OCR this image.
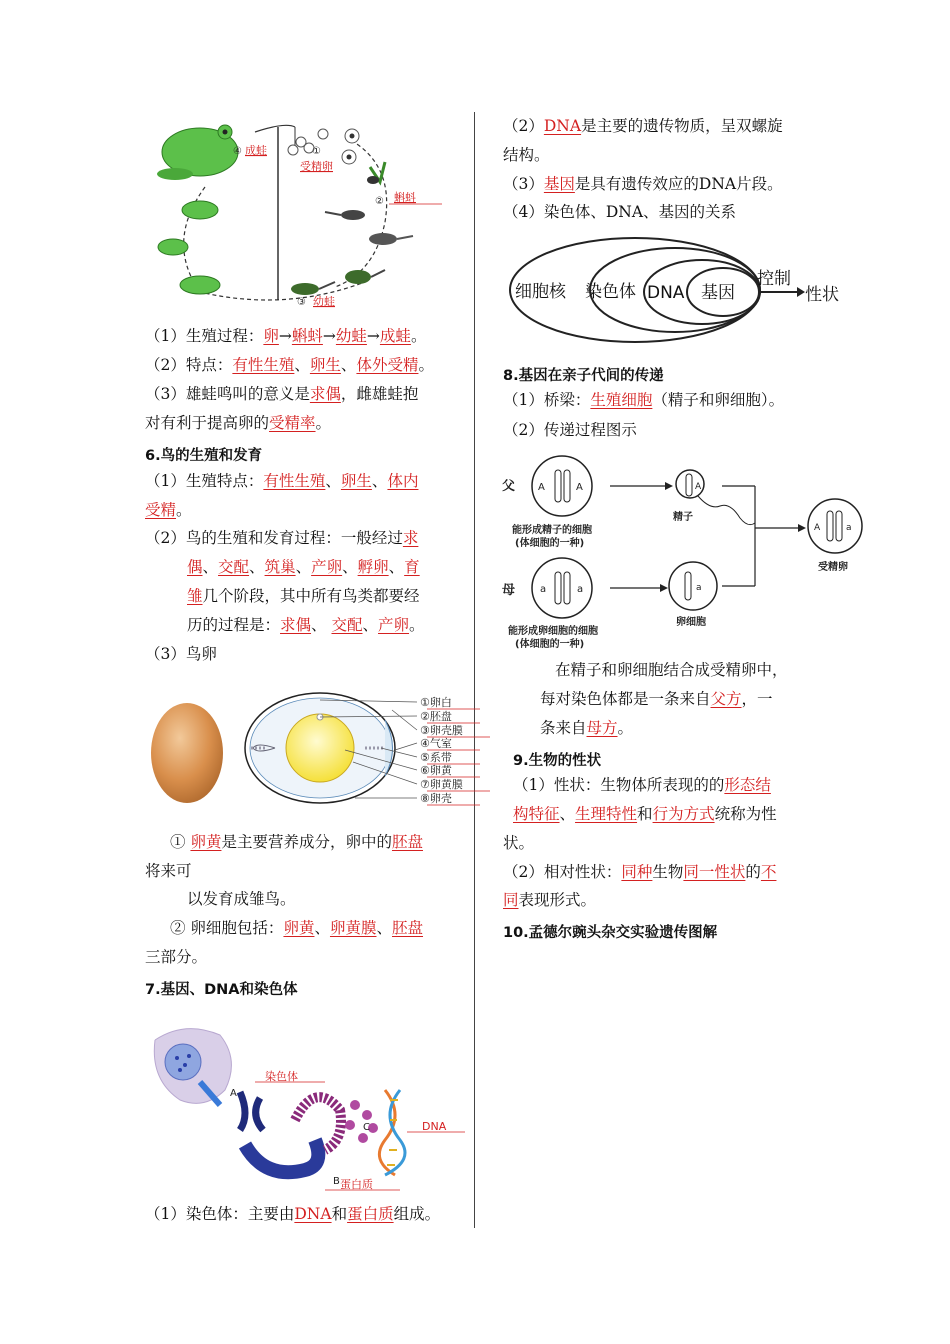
④ 成蛙	①
受精卵
② 蝌蚪
③ 幼蛙
（1）生殖过程：卵→蝌蚪→幼蛙→成蛙。
（2）特点：有性生殖、卵生、体外受精。
（3）雄蛙鸣叫的意义是求偶，雌雄蛙抱
对有利于提高卵的受精率。
6.鸟的生殖和发育
（1）生殖特点：有性生殖、卵生、体内
受精。
（2）鸟的生殖和发育过程：一般经过求
偶、交配、筑巢、产卵、孵卵、育
雏几个阶段，其中所有鸟类都要经
历的过程是：求偶、 交配、产卵。
（3）鸟卵
①卵白
②胚盘
③卵壳膜
④气室
⑤系带
⑥卵黄
⑦卵黄膜
⑧卵壳
① 卵黄是主要营养成分，卵中的胚盘
将来可
以发育成雏鸟。
② 卵细胞包括：卵黄、卵黄膜、胚盘
三部分。
7.基因、DNA和染色体
染色体
A
B
C	DNA
蛋白质
（1）染色体：主要由DNA和蛋白质组成。
（2）DNA是主要的遗传物质，呈双螺旋
结构。
（3）基因是具有遗传效应的DNA片段。
（4）染色体、DNA、基因的关系
细胞核 染色体 DNA 基因
控制
性状
8.基因在亲子代间的传递
（1）桥梁：生殖细胞（精子和卵细胞）。
（2）传递过程图示
父
母
A	A
能形成精子的细胞
(体细胞的一种)
a	a
能形成卵细胞的细胞
(体细胞的一种)
A
精子
a
卵细胞
A	a
受精卵
在精子和卵细胞结合成受精卵中，
每对染色体都是一条来自父方，一
条来自母方。
9.生物的性状
（1）性状：生物体所表现的的形态结
构特征、生理特性和行为方式统称为性
状。
（2）相对性状：同种生物同一性状的不
同表现形式。
10.孟德尔豌头杂交实验遗传图解
